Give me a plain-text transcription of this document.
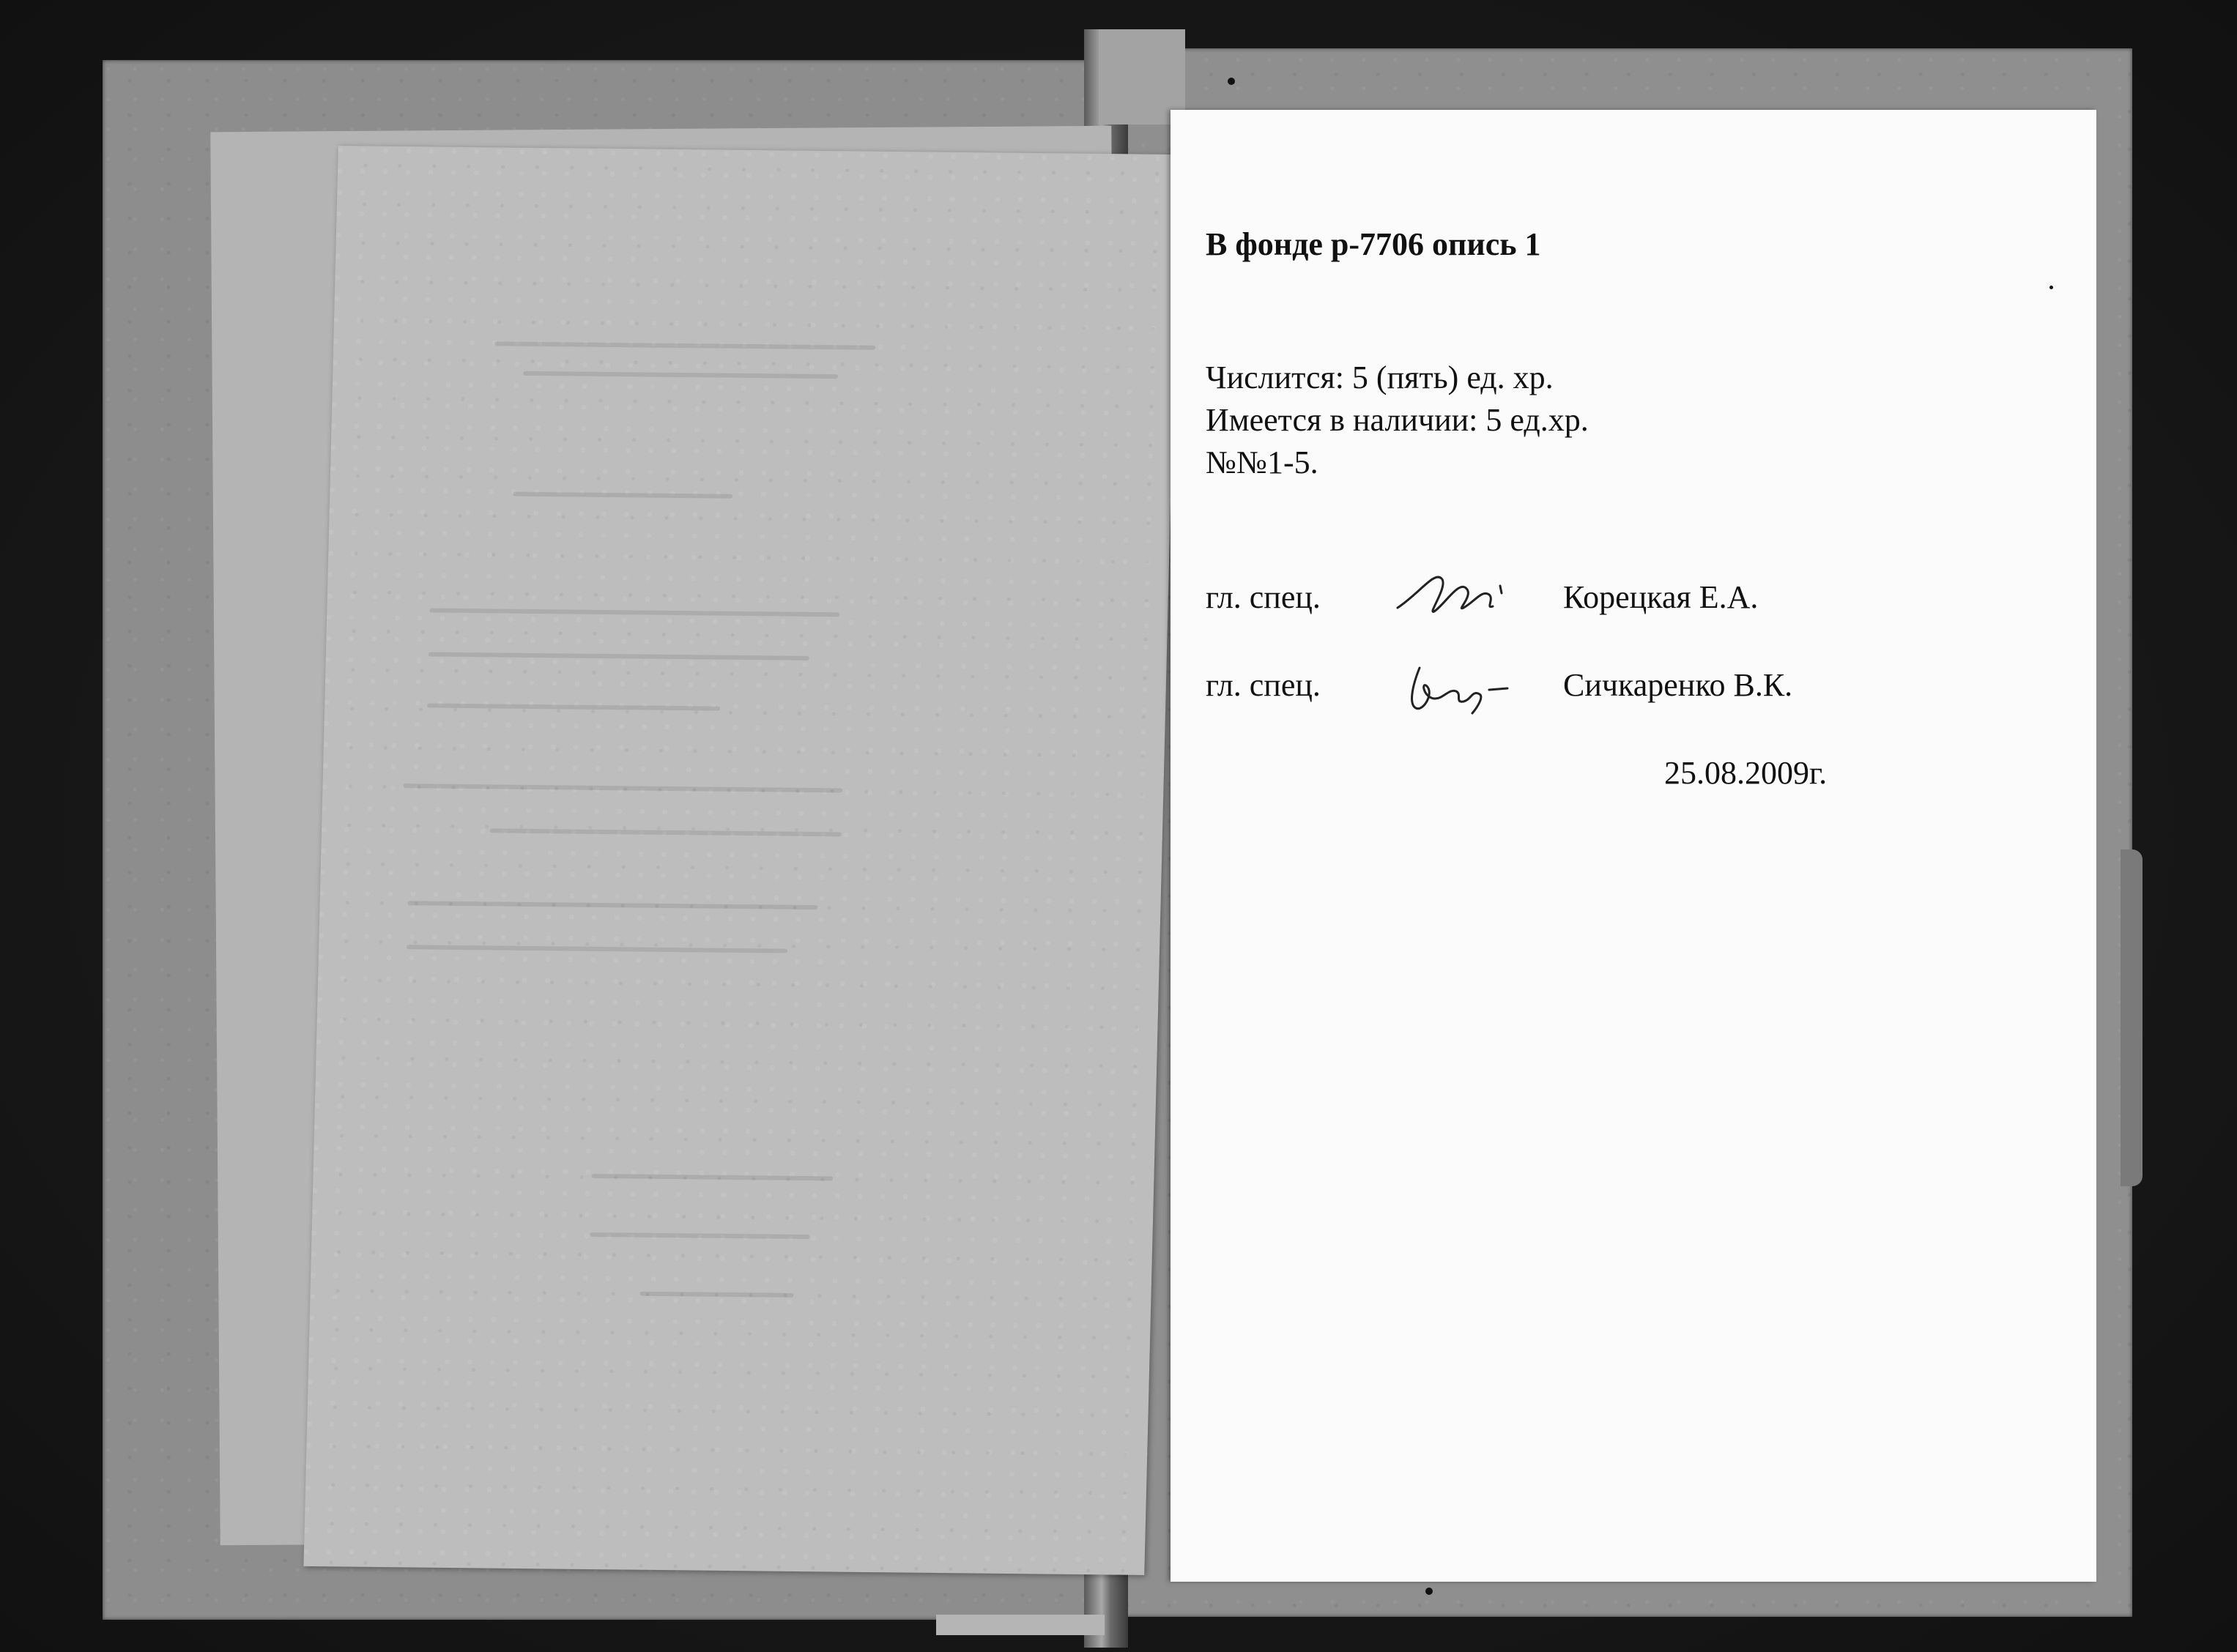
В фонде р-7706 опись 1
Числится: 5 (пять) ед. хр.
Имеется в наличии: 5 ед.хр.
№№1-5.
гл. спец.	Корецкая Е.А.
гл. спец.	Сичкаренко В.К.
25.08.2009г.
